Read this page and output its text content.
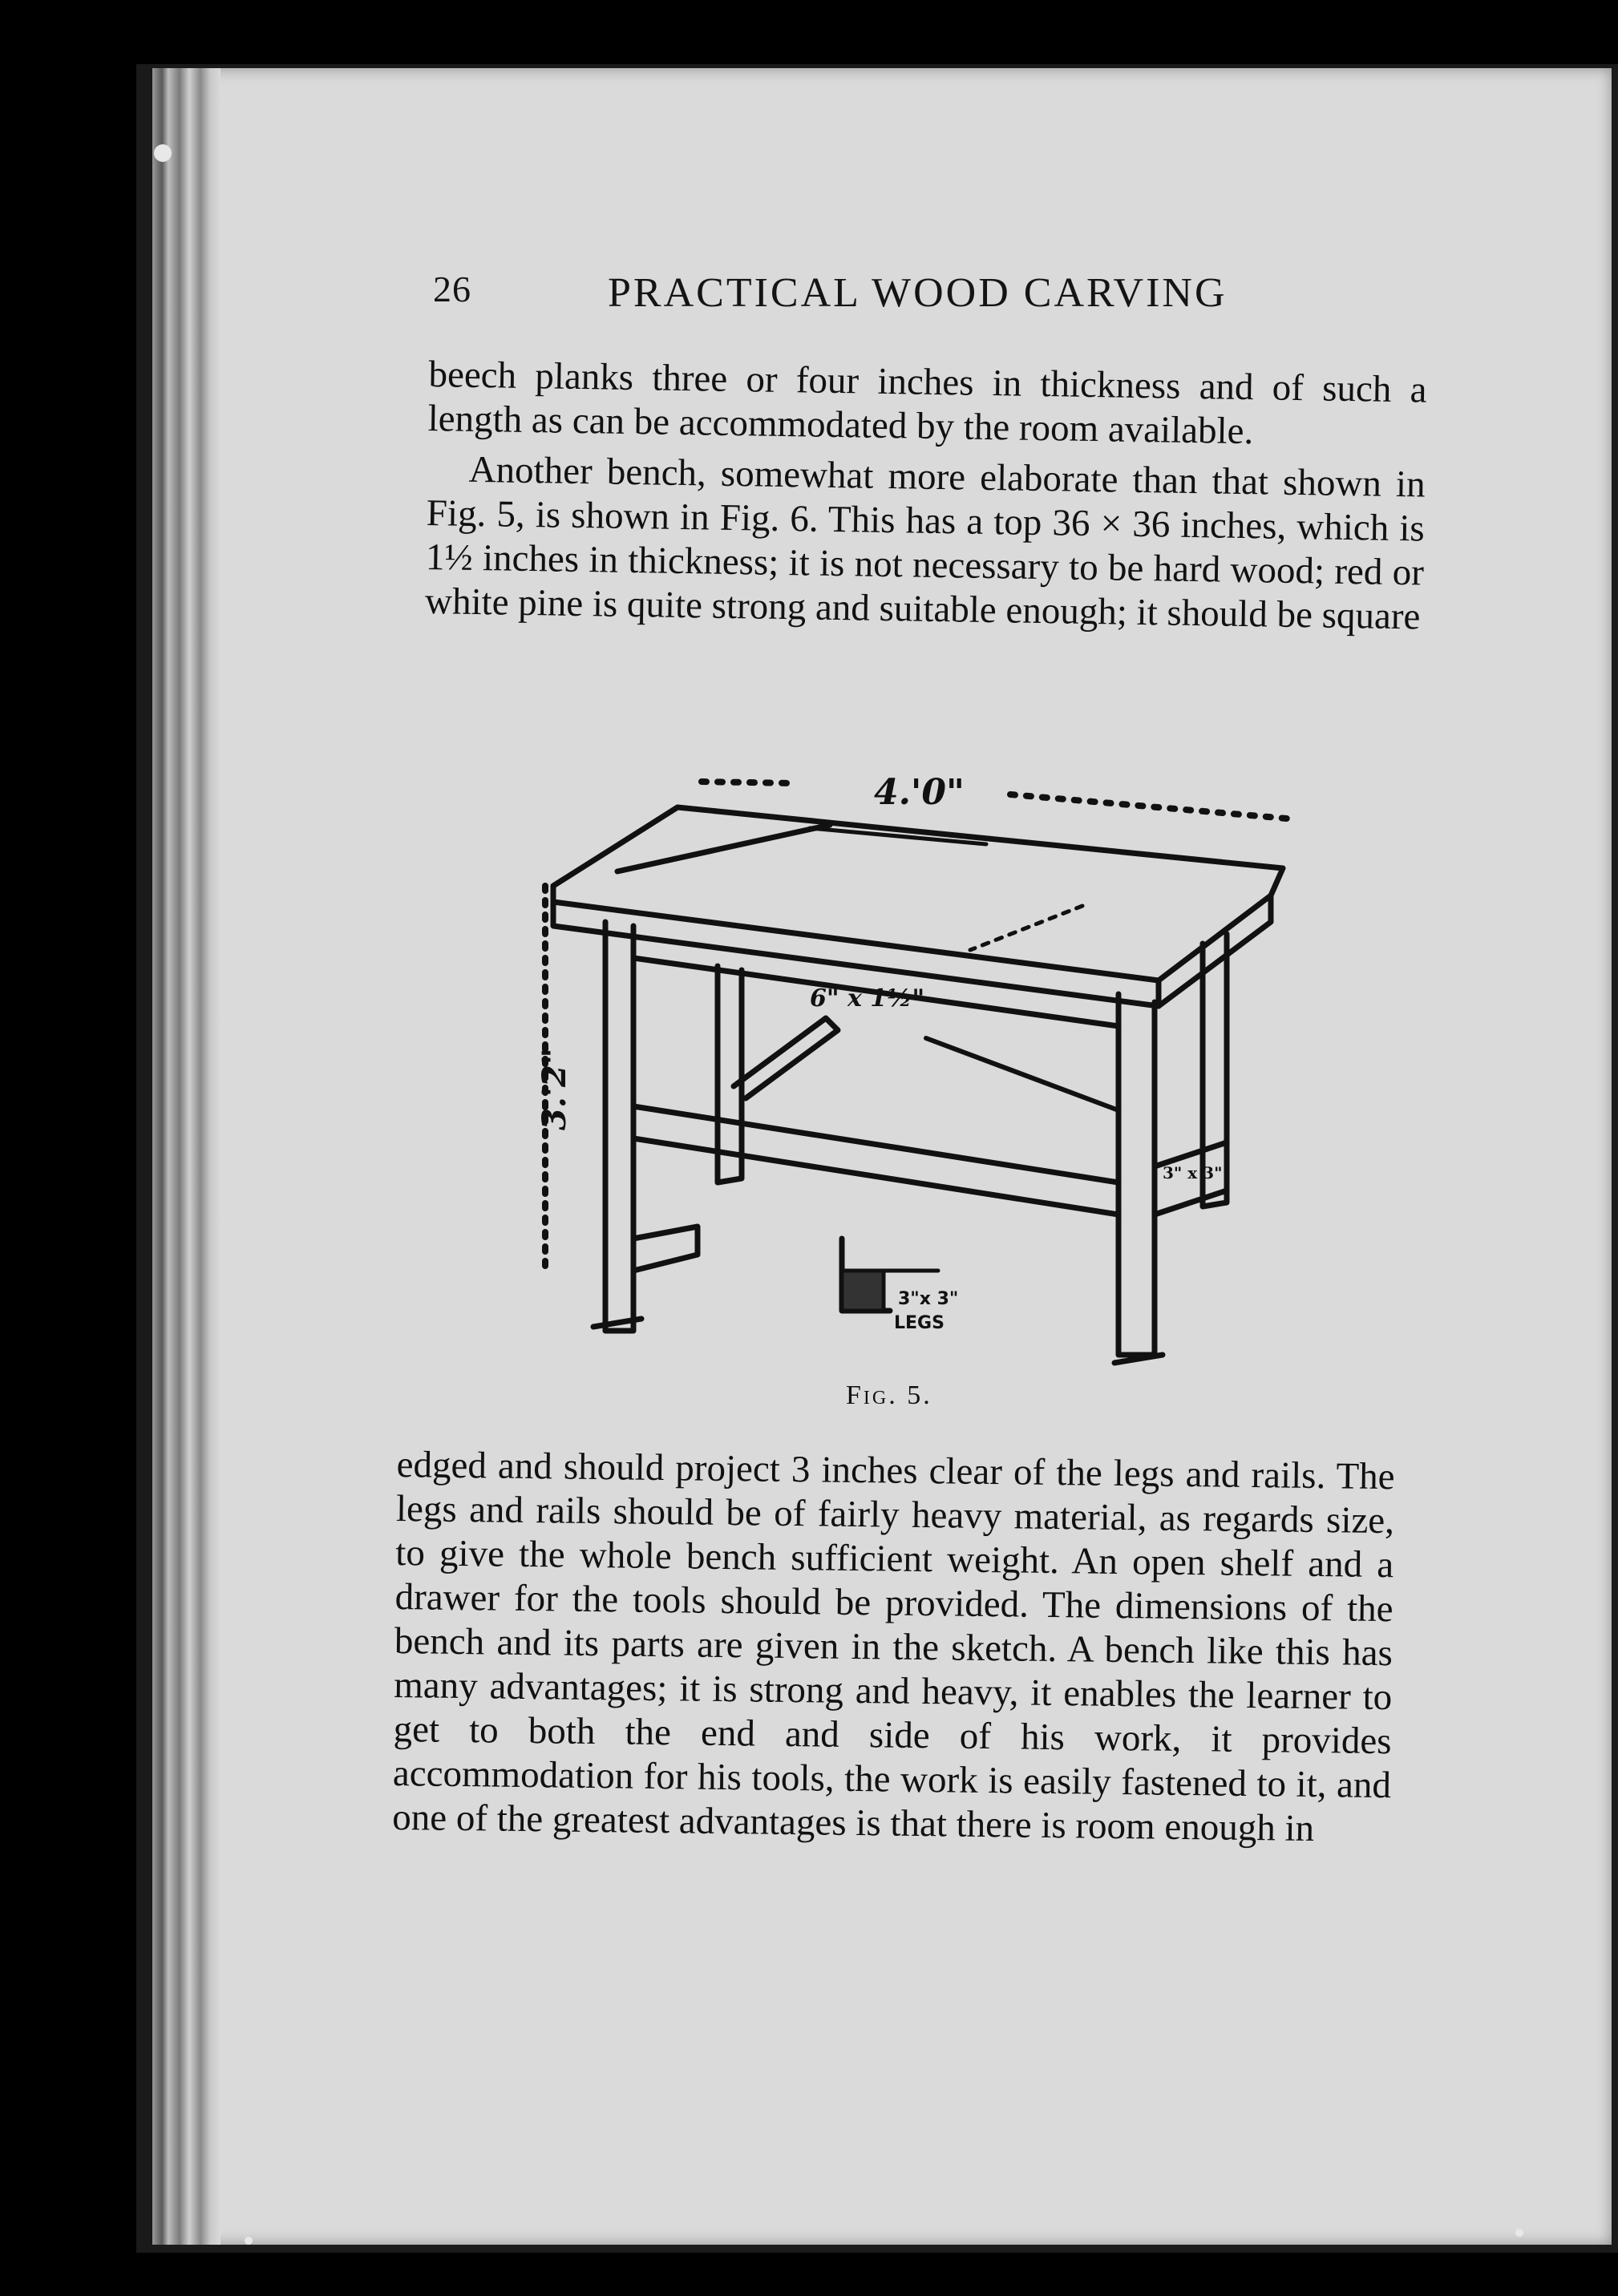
26	PRACTICAL WOOD CARVING

beech planks three or four inches in thickness and of such a length as can be accommodated by the room available.

Another bench, somewhat more elaborate than that shown in Fig. 5, is shown in Fig. 6. This has a top 36 × 36 inches, which is 1½ inches in thickness; it is not necessary to be hard wood; red or white pine is quite strong and suitable enough; it should be square

4.'0"
6" x 1½"
3" x 3"
3.'2"
3"x 3"
LEGS
Fig. 5.

edged and should project 3 inches clear of the legs and rails. The legs and rails should be of fairly heavy material, as regards size, to give the whole bench sufficient weight. An open shelf and a drawer for the tools should be provided. The dimensions of the bench and its parts are given in the sketch. A bench like this has many advantages; it is strong and heavy, it enables the learner to get to both the end and side of his work, it provides accommodation for his tools, the work is easily fastened to it, and one of the greatest advantages is that there is room enough in
